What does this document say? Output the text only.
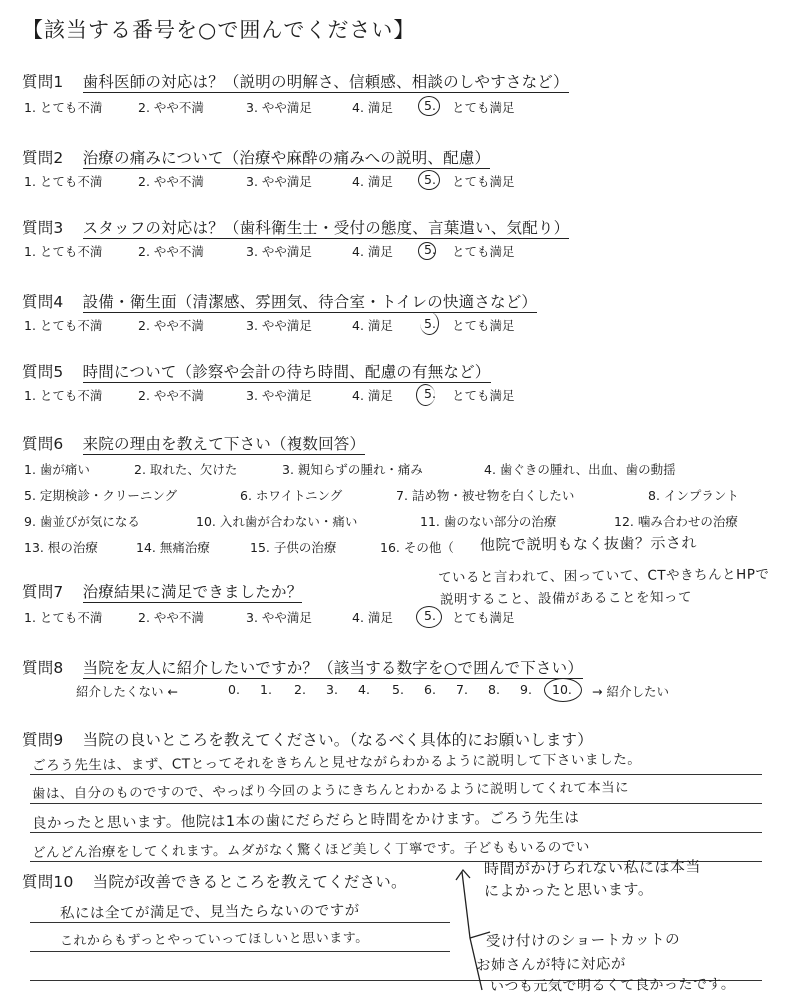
【該当する番号を○で囲んでください】
質問1 歯科医師の対応は？（説明の明解さ、信頼感、相談のしやすさなど）
1. とても不満	2. やや不満	3. やや満足	4. 満足 5. とても満足
質問2 治療の痛みについて（治療や麻酔の痛みへの説明、配慮）
1. とても不満	2. やや不満	3. やや満足	4. 満足 5. とても満足
質問3 スタッフの対応は？（歯科衛生士・受付の態度、言葉遣い、気配り）
1. とても不満	2. やや不満	3. やや満足	4. 満足 5. とても満足
質問4 設備・衛生面（清潔感、雰囲気、待合室・トイレの快適さなど）
1. とても不満	2. やや不満	3. やや満足	4. 満足 5. とても満足
質問5 時間について（診察や会計の待ち時間、配慮の有無など）
1. とても不満	2. やや不満	3. やや満足	4. 満足 5. とても満足
質問6 来院の理由を教えて下さい（複数回答）
1. 歯が痛い	2. 取れた、欠けた	3. 親知らずの腫れ・痛み	4. 歯ぐきの腫れ、出血、歯の動揺
5. 定期検診・クリーニング	6. ホワイトニング	7. 詰め物・被せ物を白くしたい	8. インプラント
9. 歯並びが気になる	10. 入れ歯が合わない・痛い	11. 歯のない部分の治療	12. 噛み合わせの治療
13. 根の治療	14. 無痛治療	15. 子供の治療	16. その他（ 他院で説明もなく抜歯？示され
ていると言われて、困っていて、CTやきちんとHPで
説明すること、設備があることを知って
質問7 治療結果に満足できましたか？
1. とても不満	2. やや不満	3. やや満足	4. 満足 5. とても満足
質問8 当院を友人に紹介したいですか？（該当する数字を○で囲んで下さい）
紹介したくない ←	0. 1. 2. 3. 4. 5. 6. 7. 8. 9. 10. → 紹介したい
質問9 当院の良いところを教えてください。（なるべく具体的にお願いします）
ごろう先生は、まず、CTとってそれをきちんと見せながらわかるように説明して下さいました。
歯は、自分のものですので、やっぱり今回のようにきちんとわかるように説明してくれて本当に
良かったと思います。他院は1本の歯にだらだらと時間をかけます。ごろう先生は
どんどん治療をしてくれます。ムダがなく驚くほど美しく丁寧です。子どももいるのでい
質問10 当院が改善できるところを教えてください。
時間がかけられない私には本当
によかったと思います。
私には全てが満足で、見当たらないのですが
これからもずっとやっていってほしいと思います。	受け付けのショートカットの
お姉さんが特に対応が
いつも元気で明るくて良かったです。
